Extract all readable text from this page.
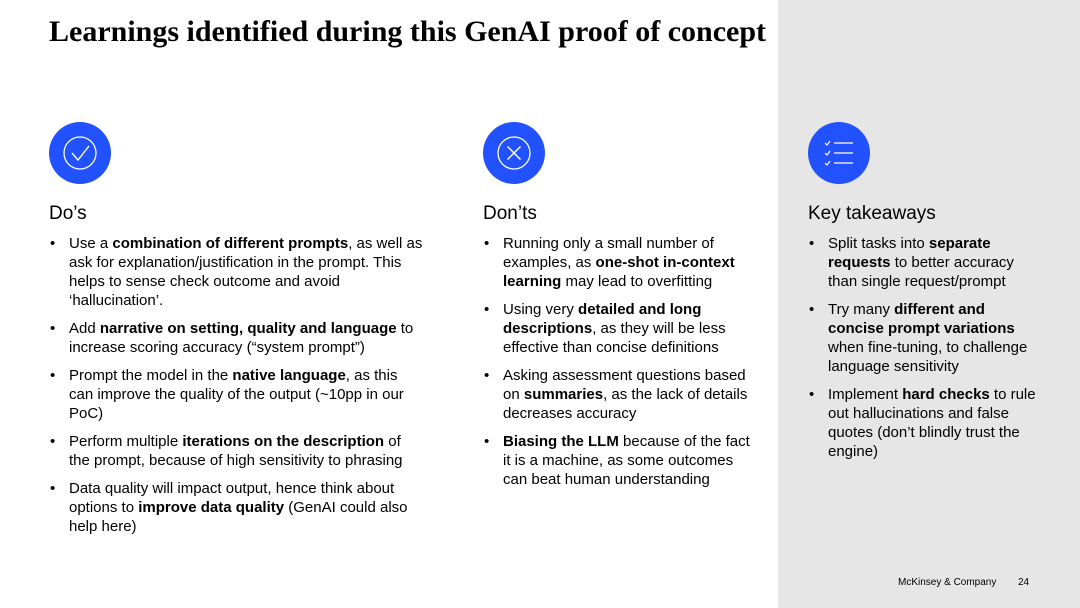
Learnings identified during this GenAI proof of concept
Do’s
• Use a combination of different prompts, as well as ask for explanation/justification in the prompt. This helps to sense check outcome and avoid ‘hallucination’.
• Add narrative on setting, quality and language to increase scoring accuracy (“system prompt”)
• Prompt the model in the native language, as this can improve the quality of the output (~10pp in our PoC)
• Perform multiple iterations on the description of the prompt, because of high sensitivity to phrasing
• Data quality will impact output, hence think about options to improve data quality (GenAI could also help here)
Don’ts
• Running only a small number of examples, as one-shot in-context learning may lead to overfitting
• Using very detailed and long descriptions, as they will be less effective than concise definitions
• Asking assessment questions based on summaries, as the lack of details decreases accuracy
• Biasing the LLM because of the fact it is a machine, as some outcomes can beat human understanding
Key takeaways
• Split tasks into separate requests to better accuracy than single request/prompt
• Try many different and concise prompt variations when fine-tuning, to challenge language sensitivity
• Implement hard checks to rule out hallucinations and false quotes (don’t blindly trust the engine)
McKinsey & Company 24
